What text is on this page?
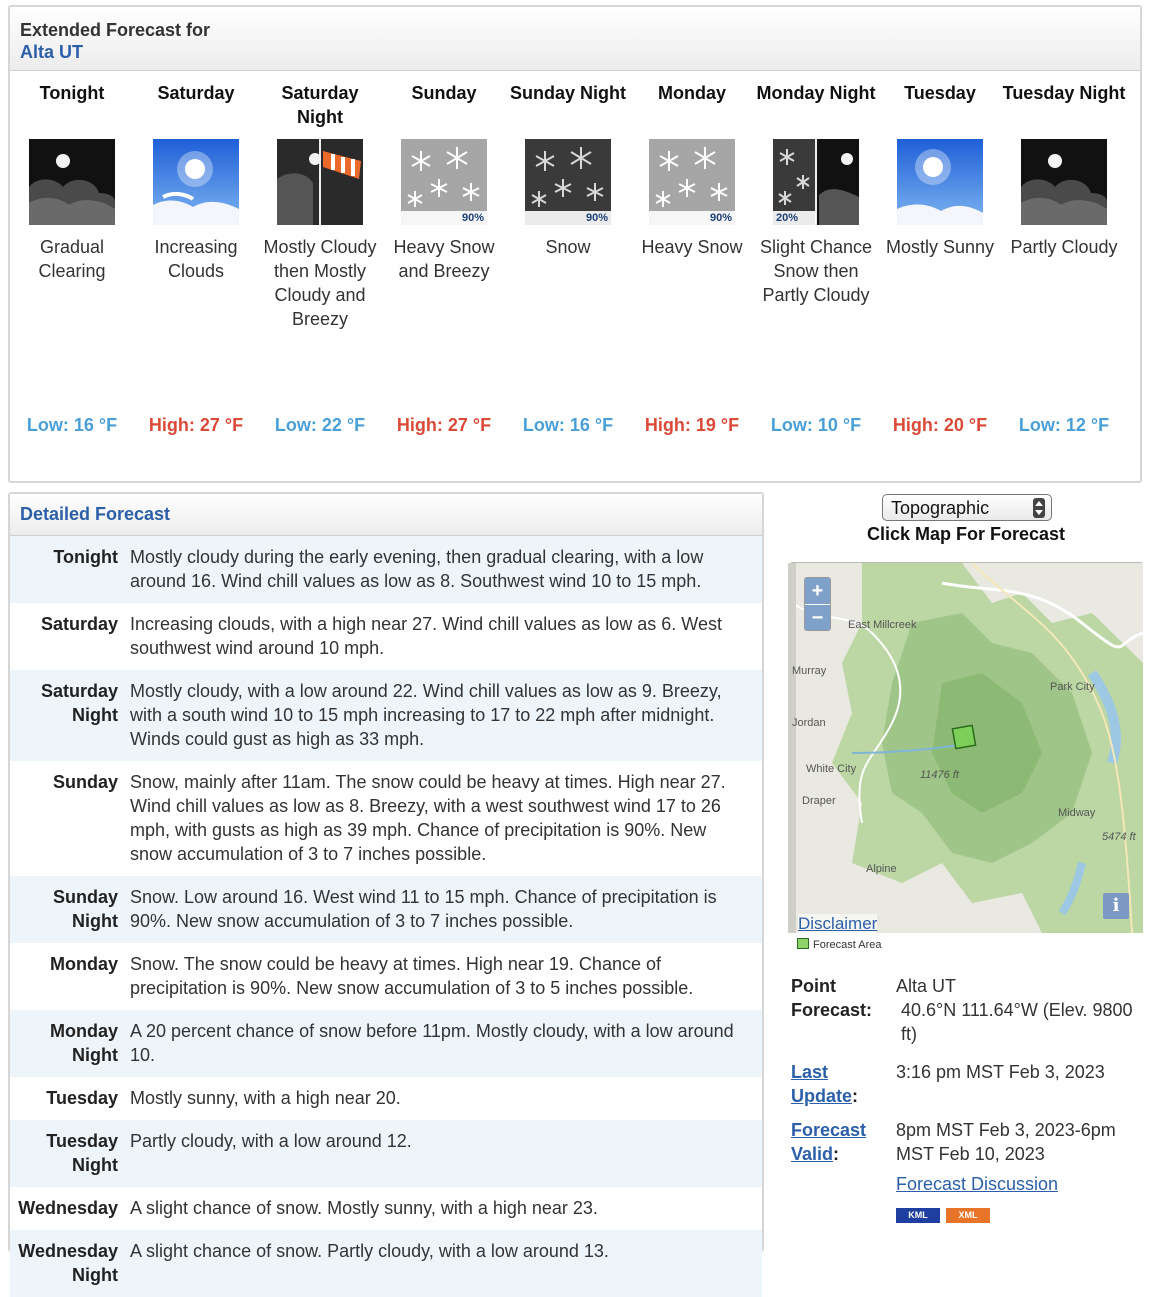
Extended Forecast for
Alta UT
Tonight
Gradual Clearing
Low: 16 °F
Saturday
Increasing Clouds
High: 27 °F
Saturday Night
Mostly Cloudy then Mostly Cloudy and Breezy
Low: 22 °F
Sunday
90%
Heavy Snow and Breezy
High: 27 °F
Sunday Night
90%
Snow
Low: 16 °F
Monday
90%
Heavy Snow
High: 19 °F
Monday Night
20%
Slight Chance Snow then Partly Cloudy
Low: 10 °F
Tuesday
Mostly Sunny
High: 20 °F
Tuesday Night
Partly Cloudy
Low: 12 °F
Detailed Forecast
Tonight Mostly cloudy during the early evening, then gradual clearing, with a low around 16. Wind chill values as low as 8. Southwest wind 10 to 15 mph.
Saturday Increasing clouds, with a high near 27. Wind chill values as low as 6. West southwest wind around 10 mph.
Saturday Night
Mostly cloudy, with a low around 22. Wind chill values as low as 9. Breezy, with a south wind 10 to 15 mph increasing to 17 to 22 mph after midnight. Winds could gust as high as 33 mph.
Sunday Snow, mainly after 11am. The snow could be heavy at times. High near 27. Wind chill values as low as 8. Breezy, with a west southwest wind 17 to 26 mph, with gusts as high as 39 mph. Chance of precipitation is 90%. New snow accumulation of 3 to 7 inches possible.
Sunday Night
Snow. Low around 16. West wind 11 to 15 mph. Chance of precipitation is 90%. New snow accumulation of 3 to 7 inches possible.
Monday Snow. The snow could be heavy at times. High near 19. Chance of precipitation is 90%. New snow accumulation of 3 to 5 inches possible.
Monday Night
A 20 percent chance of snow before 11pm. Mostly cloudy, with a low around 10.
Tuesday Mostly sunny, with a high near 20.
Tuesday Night
Partly cloudy, with a low around 12.
Wednesday A slight chance of snow. Mostly sunny, with a high near 23.
Wednesday Night
A slight chance of snow. Partly cloudy, with a low around 13.
Topographic
Click Map For Forecast
East Millcreek
Murray
Jordan
White City
Draper
Alpine
Park City
Midway
11476 ft
5474 ft
+
−
i
Disclaimer
Forecast Area
Point Forecast:
Alta UT
40.6°N 111.64°W (Elev. 9800 ft)
Last Update:
3:16 pm MST Feb 3, 2023
Forecast Valid:
8pm MST Feb 3, 2023-6pm MST Feb 10, 2023
Forecast Discussion
KML	XML
